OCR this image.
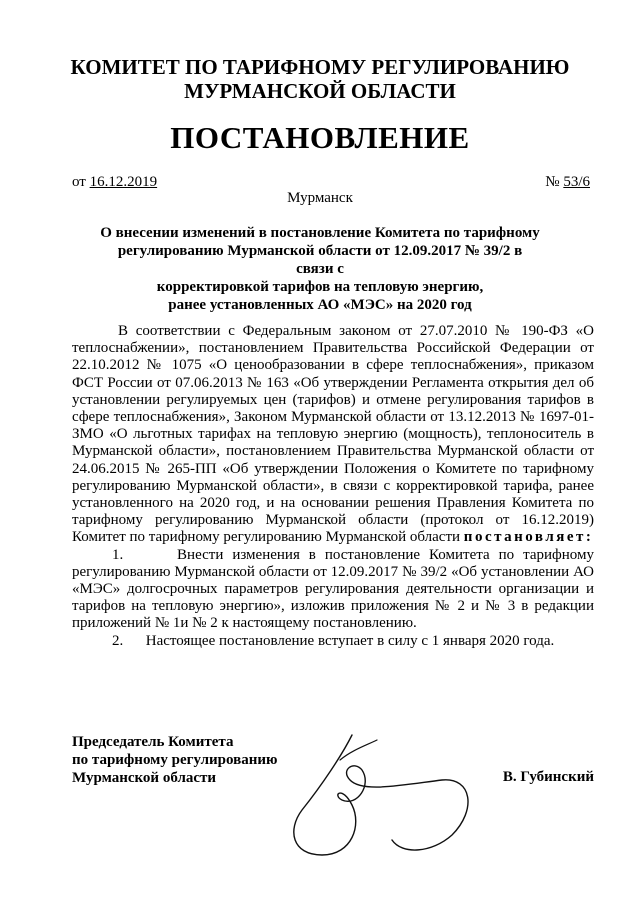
КОМИТЕТ ПО ТАРИФНОМУ РЕГУЛИРОВАНИЮ
МУРМАНСКОЙ ОБЛАСТИ
ПОСТАНОВЛЕНИЕ
от 16.12.2019	№ 53/6
Мурманск
О внесении изменений в постановление Комитета по тарифному
регулированию Мурманской области от 12.09.2017 № 39/2 в связи с
корректировкой тарифов на тепловую энергию,
ранее установленных АО «МЭС» на 2020 год

В соответствии с Федеральным законом от 27.07.2010 № 190-ФЗ «О теплоснабжении», постановлением Правительства Российской Федерации от 22.10.2012 № 1075 «О ценообразовании в сфере теплоснабжения», приказом ФСТ России от 07.06.2013 № 163 «Об утверждении Регламента открытия дел об установлении регулируемых цен (тарифов) и отмене регулирования тарифов в сфере теплоснабжения», Законом Мурманской области от 13.12.2013 № 1697-01-ЗМО «О льготных тарифах на тепловую энергию (мощность), теплоноситель в Мурманской области», постановлением Правительства Мурманской области от 24.06.2015 № 265-ПП «Об утверждении Положения о Комитете по тарифному регулированию Мурманской области», в связи с корректировкой тарифа, ранее установленного на 2020 год, и на основании решения Правления Комитета по тарифному регулированию Мурманской области (протокол от 16.12.2019) Комитет по тарифному регулированию Мурманской области постановляет:

1.	Внести изменения в постановление Комитета по тарифному регулированию Мурманской области от 12.09.2017 № 39/2 «Об установлении АО «МЭС» долгосрочных параметров регулирования деятельности организации и тарифов на тепловую энергию», изложив приложения № 2 и № 3 в редакции приложений № 1и № 2 к настоящему постановлению.

2. Настоящее постановление вступает в силу с 1 января 2020 года.

Председатель Комитета
по тарифному регулированию
Мурманской области	В. Губинский
